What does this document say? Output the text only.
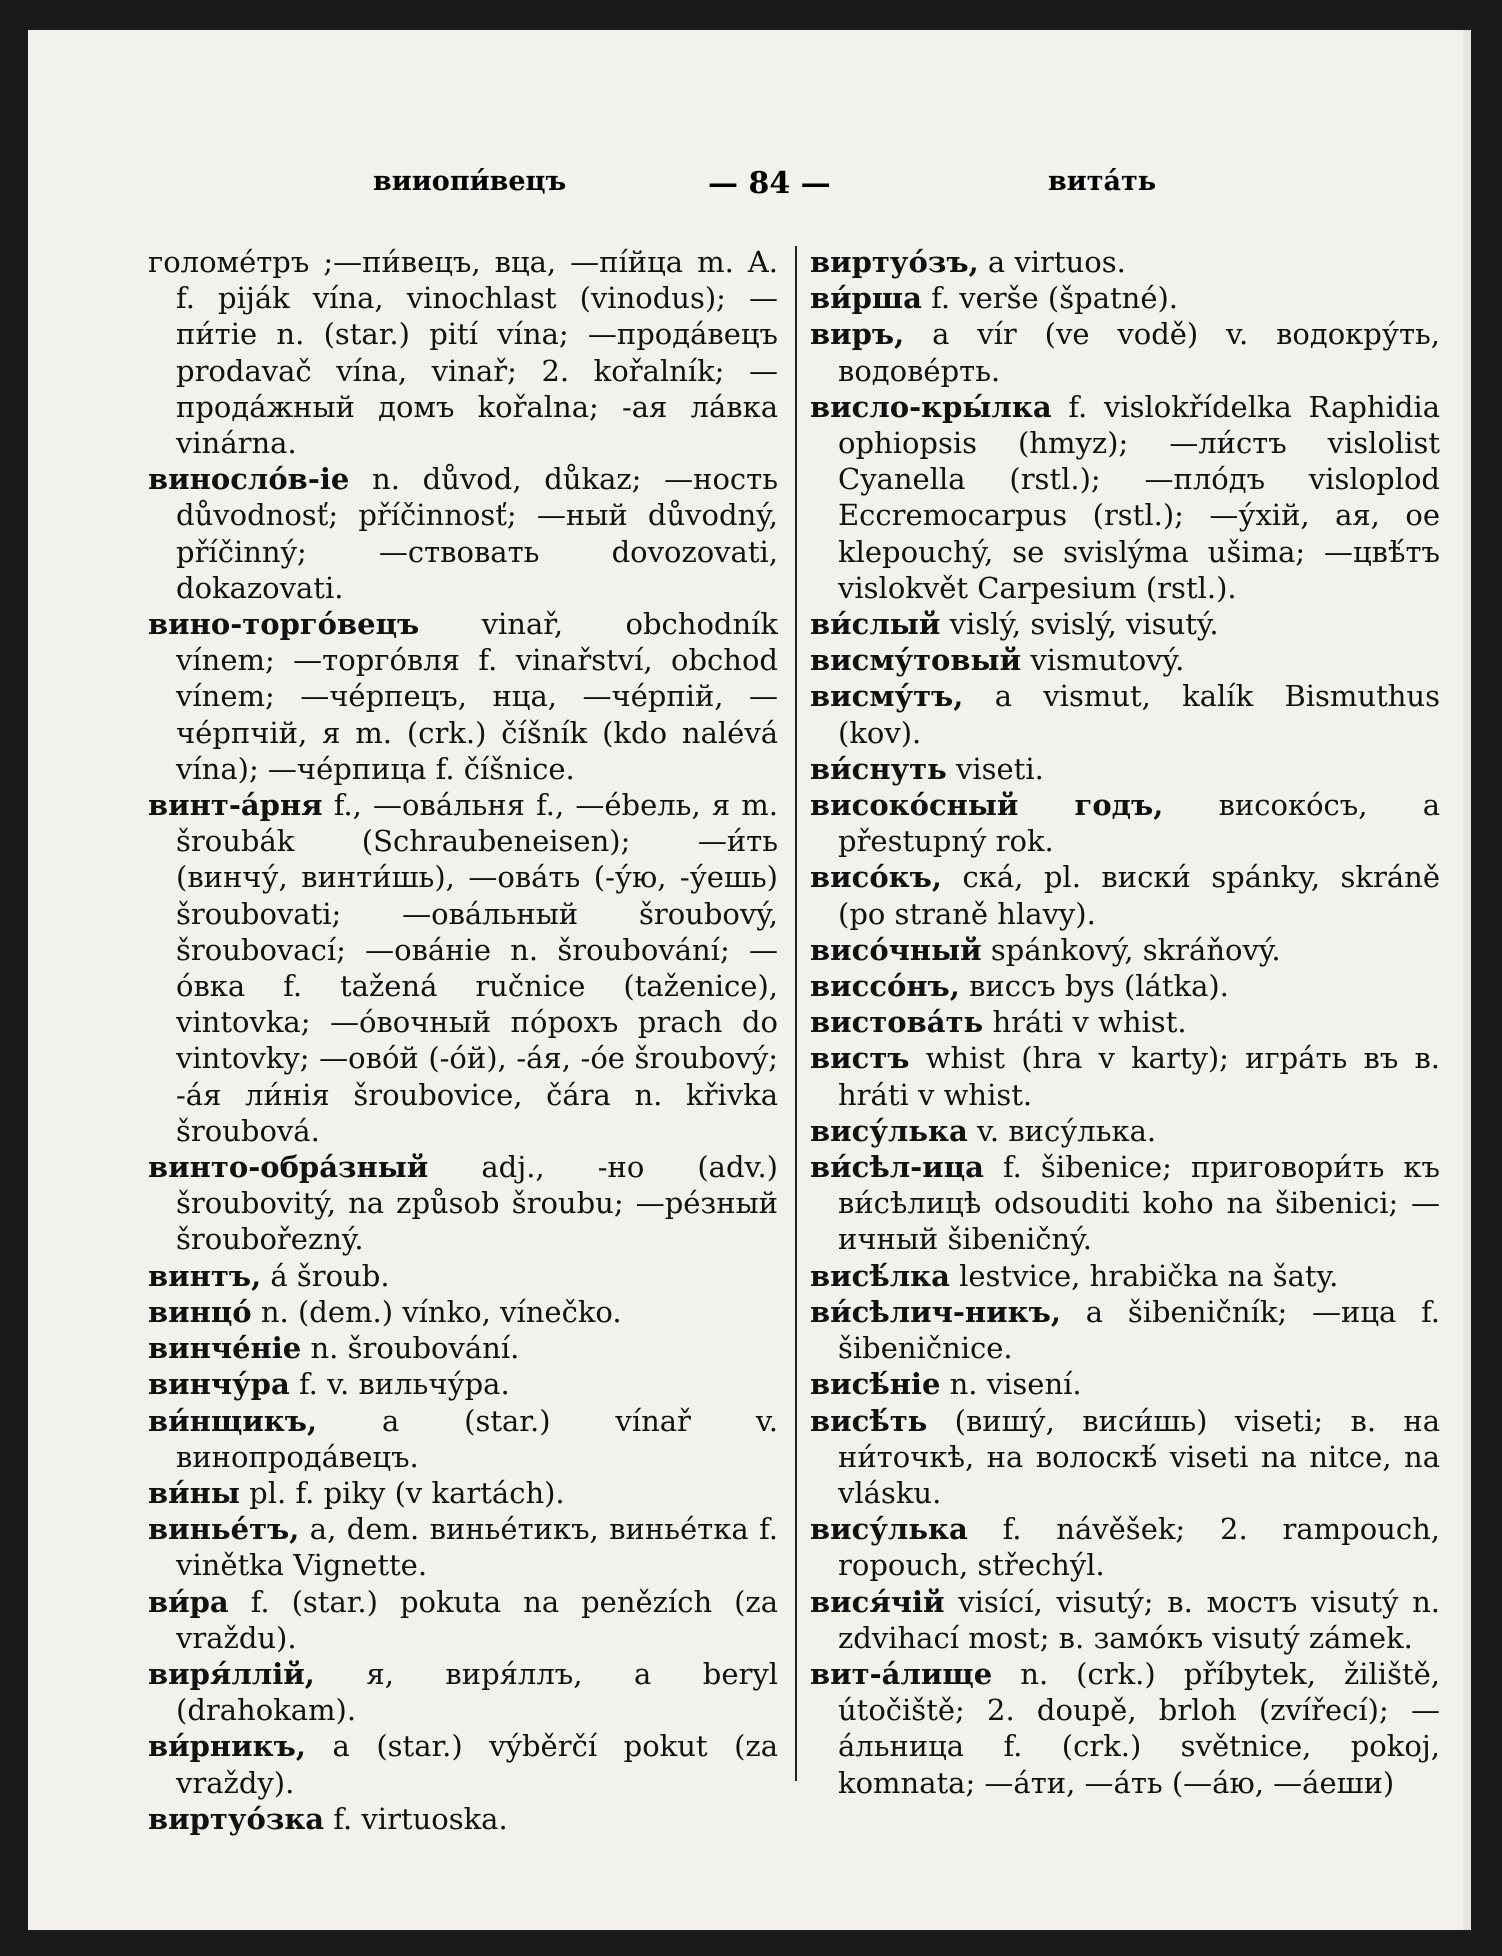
вииопи́вецъ	— 84 —	вита́ть

голомéтръ ;—пи́вецъ, вца, —пі́йца m. A. f. piják vína, vinochlast (vinodus); —пи́тіе n. (star.) pití vína; —продáвецъ prodavač vína, vinař; 2. kořalník; —продáжный домъ kořalna; -ая лáвка vinárna.

виносло́в-іе n. důvod, důkaz; —ность důvodnosť; příčinnosť; —ный důvodný, příčinný; —ствовать dovozovati, dokazovati.

вино-торго́вецъ vinař, obchodník vínem; —торго́вля f. vinařství, obchod vínem; —чéрпецъ, нца, —чéрпій, —чéрпчій, я m. (crk.) číšník (kdo nalévá vína); —чéрпица f. číšnice.

винт-áрня f., —овáльня f., —ébель, я m. šroubák (Schraubeneisen); —и́ть (винчу́, винти́шь), —овáть (-у́ю, -у́ешь) šroubovati; —овáльный šroubový, šroubovací; —овáніе n. šroubování; — о́вка f. tažená ručnice (taženice), vintovka; —о́вочный по́рохъ prach do vintovky; —ово́й (-о́й), -áя, -óe šroubový; -áя ли́нія šroubovice, čára n. křivka šroubová.

винто-обрáзный adj., -но (adv.) šroubovitý, na způsob šroubu; —рéзный šroubořezný.

винтъ, á šroub.

винцо́ n. (dem.) vínko, vínečko.

винчéніе n. šroubování.

винчу́ра f. v. вильчу́ра.

ви́нщикъ, a (star.) vínař v. винопродáвецъ.

ви́ны pl. f. piky (v kartách).

виньéтъ, a, dem. виньéтикъ, виньéтка f. vinětka Vignette.

ви́ра f. (star.) pokuta na penězích (za vraždu).

виря́ллій, я, виря́ллъ, a beryl (drahokam).

ви́рникъ, a (star.) výběrčí pokut (za vraždy).

виртуо́зка f. virtuoska.

виртуо́зъ, a virtuos.

ви́рша f. verše (špatné).

виръ, a vír (ve vodě) v. водокру́ть, водовéрть.

висло-кры́лка f. vislokřídelka Raphidia ophiopsis (hmyz); —ли́стъ vislolist Cyanella (rstl.); —пло́дъ vislоplod Eccremocarpus (rstl.); —у́хій, ая, ое klepouchý, se svislýma ušima; —цвѣ́тъ vislokvět Carpesium (rstl.).

ви́слый vislý, svislý, visutý.

висму́товый vismutový.

висму́тъ, a vismut, kalík Bismuthus (kov).

ви́снуть viseti.

високо́сный годъ, високо́съ, a přestupný rok.

висо́къ, скá, pl. виски́ spánky, skráně (po straně hlavy).

висо́чный spánkový, skráňový.

виссо́нъ, виссъ bys (látka).

вистовáть hráti v whist.

вистъ whist (hra v karty); игрáть въ в. hráti v whist.

вису́лька v. вису́лька.

ви́сѣл-ица f. šibenice; приговори́ть къ ви́сѣлицѣ odsouditi koho na šibenici; —ичный šibeničný.

висѣ́лка lestvice, hrabička na šaty.

ви́сѣлич-никъ, a šibeničník; —ица f. šibeničnice.

висѣ́ніе n. visení.

висѣ́ть (вишу́, виси́шь) viseti; в. на ни́точкѣ, на волоскѣ́ viseti na nitce, na vlásku.

вису́лька f. návěšek; 2. rampouch, ropouch, střechýl.

вися́чій visící, visutý; в. мостъ visutý n. zdvihací most; в. замо́къ visutý zámek.

вит-áлище n. (crk.) příbytek, žiliště, útočiště; 2. doupě, brloh (zvířecí); —áльница f. (crk.) světnice, pokoj, komnata; —áти, —áть (—áю, —áеши)
